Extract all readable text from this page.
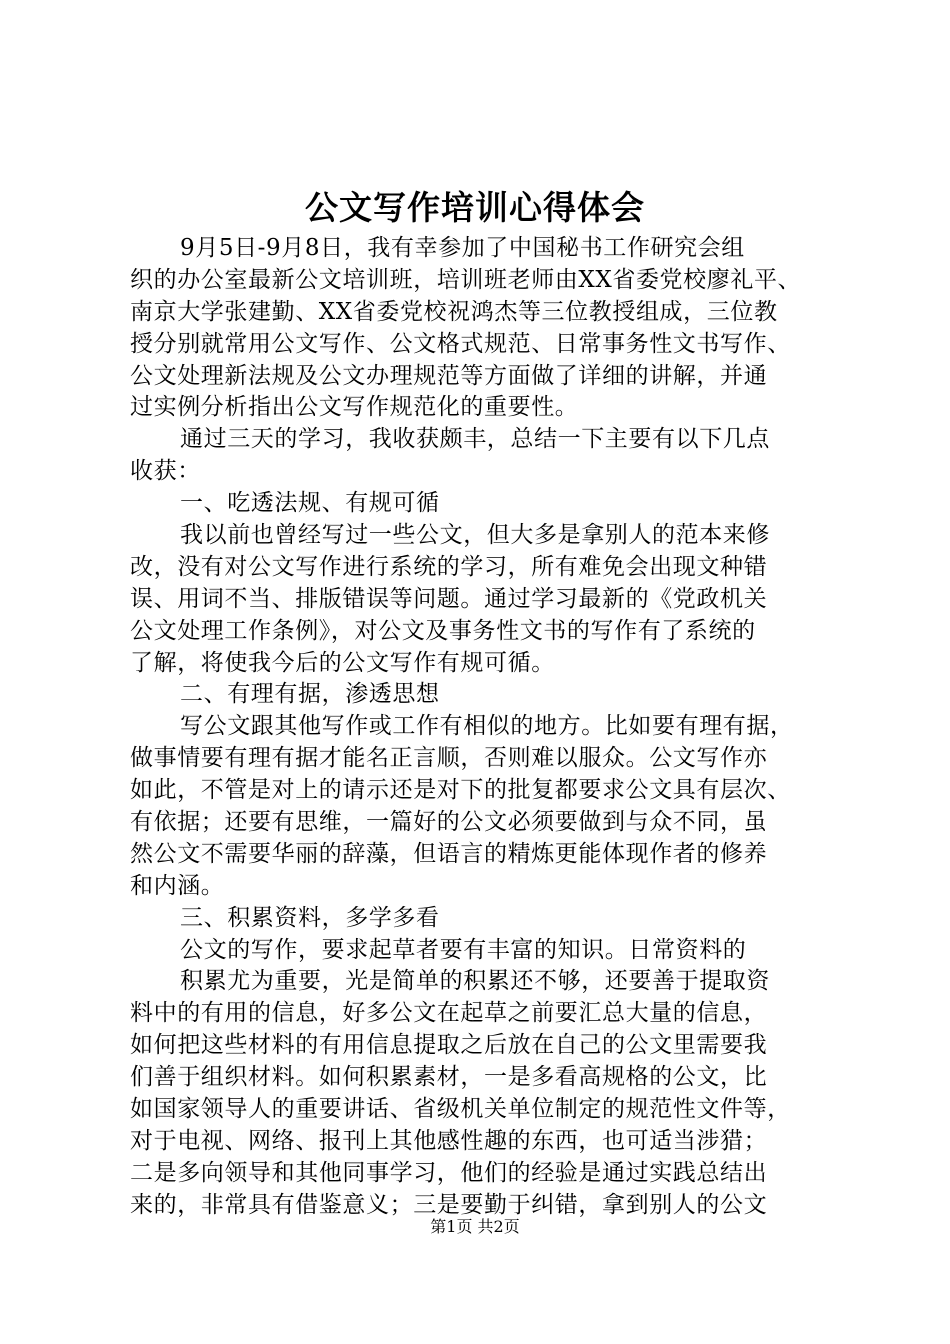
公文写作培训心得体会
9月5日-9月8日，我有幸参加了中国秘书工作研究会组
织的办公室最新公文培训班，培训班老师由XX省委党校廖礼平、
南京大学张建勤、XX省委党校祝鸿杰等三位教授组成，三位教
授分别就常用公文写作、公文格式规范、日常事务性文书写作、
公文处理新法规及公文办理规范等方面做了详细的讲解，并通
过实例分析指出公文写作规范化的重要性。
通过三天的学习，我收获颇丰，总结一下主要有以下几点
收获：
一、吃透法规、有规可循
我以前也曾经写过一些公文，但大多是拿别人的范本来修
改，没有对公文写作进行系统的学习，所有难免会出现文种错
误、用词不当、排版错误等问题。通过学习最新的《党政机关
公文处理工作条例》，对公文及事务性文书的写作有了系统的
了解，将使我今后的公文写作有规可循。
二、有理有据，渗透思想
写公文跟其他写作或工作有相似的地方。比如要有理有据，
做事情要有理有据才能名正言顺，否则难以服众。公文写作亦
如此，不管是对上的请示还是对下的批复都要求公文具有层次、
有依据；还要有思维，一篇好的公文必须要做到与众不同，虽
然公文不需要华丽的辞藻，但语言的精炼更能体现作者的修养
和内涵。
三、积累资料，多学多看
公文的写作，要求起草者要有丰富的知识。日常资料的
积累尤为重要，光是简单的积累还不够，还要善于提取资
料中的有用的信息，好多公文在起草之前要汇总大量的信息，
如何把这些材料的有用信息提取之后放在自己的公文里需要我
们善于组织材料。如何积累素材，一是多看高规格的公文，比
如国家领导人的重要讲话、省级机关单位制定的规范性文件等，
对于电视、网络、报刊上其他感性趣的东西，也可适当涉猎；
二是多向领导和其他同事学习，他们的经验是通过实践总结出
来的，非常具有借鉴意义；三是要勤于纠错，拿到别人的公文
第1页 共2页
